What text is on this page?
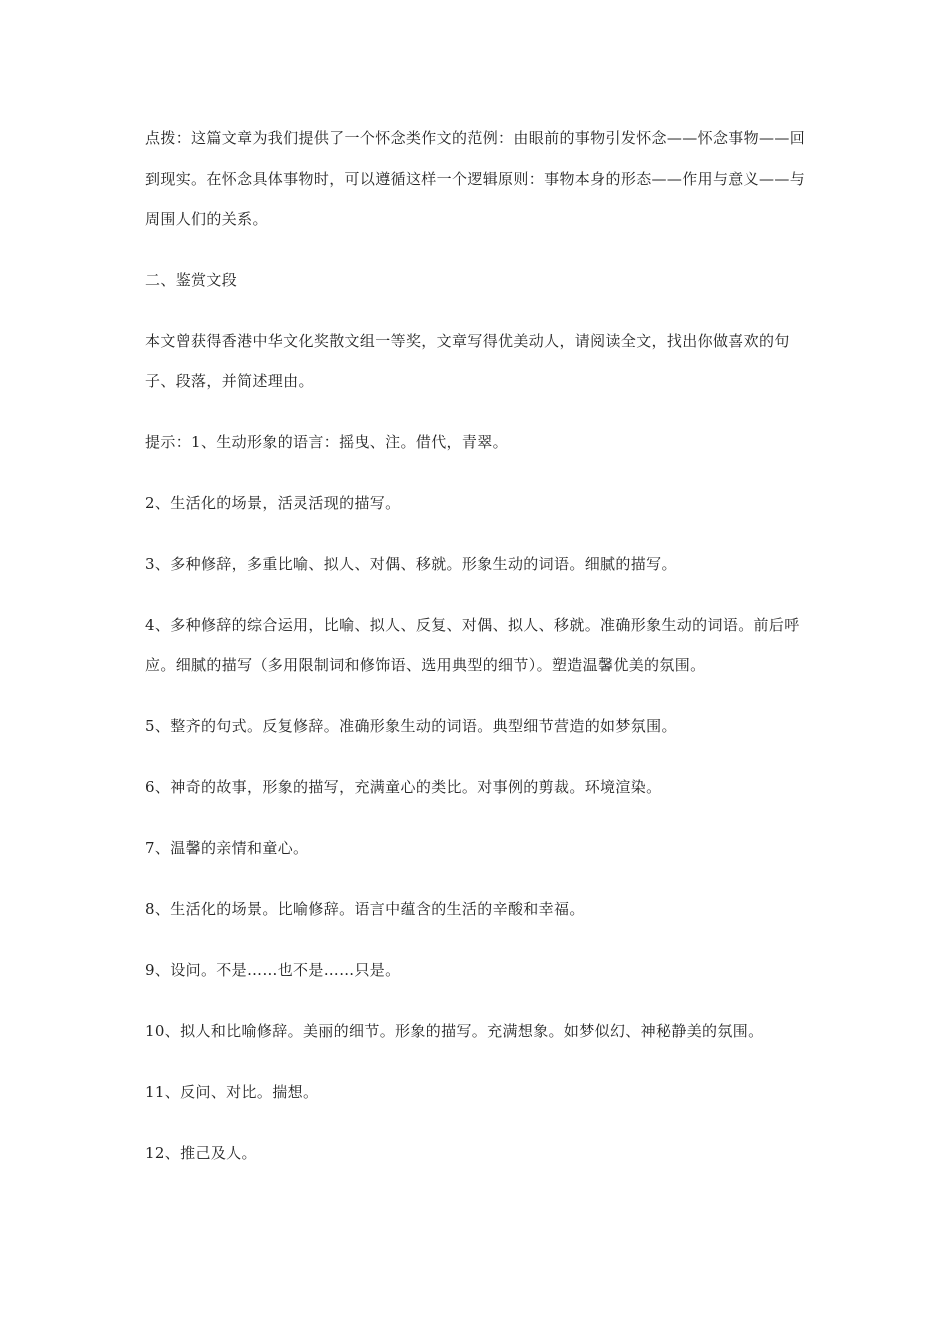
点拨：这篇文章为我们提供了一个怀念类作文的范例：由眼前的事物引发怀念——怀念事物——回到现实。在怀念具体事物时，可以遵循这样一个逻辑原则：事物本身的形态——作用与意义——与周围人们的关系。

二、鉴赏文段

本文曾获得香港中华文化奖散文组一等奖，文章写得优美动人，请阅读全文，找出你做喜欢的句子、段落，并简述理由。

提示：1、生动形象的语言：摇曳、注。借代，青翠。

2、生活化的场景，活灵活现的描写。

3、多种修辞，多重比喻、拟人、对偶、移就。形象生动的词语。细腻的描写。

4、多种修辞的综合运用，比喻、拟人、反复、对偶、拟人、移就。准确形象生动的词语。前后呼应。细腻的描写（多用限制词和修饰语、选用典型的细节）。塑造温馨优美的氛围。

5、整齐的句式。反复修辞。准确形象生动的词语。典型细节营造的如梦氛围。

6、神奇的故事，形象的描写，充满童心的类比。对事例的剪裁。环境渲染。

7、温馨的亲情和童心。

8、生活化的场景。比喻修辞。语言中蕴含的生活的辛酸和幸福。

9、设问。不是……也不是……只是。

10、拟人和比喻修辞。美丽的细节。形象的描写。充满想象。如梦似幻、神秘静美的氛围。

11、反问、对比。揣想。

12、推己及人。
